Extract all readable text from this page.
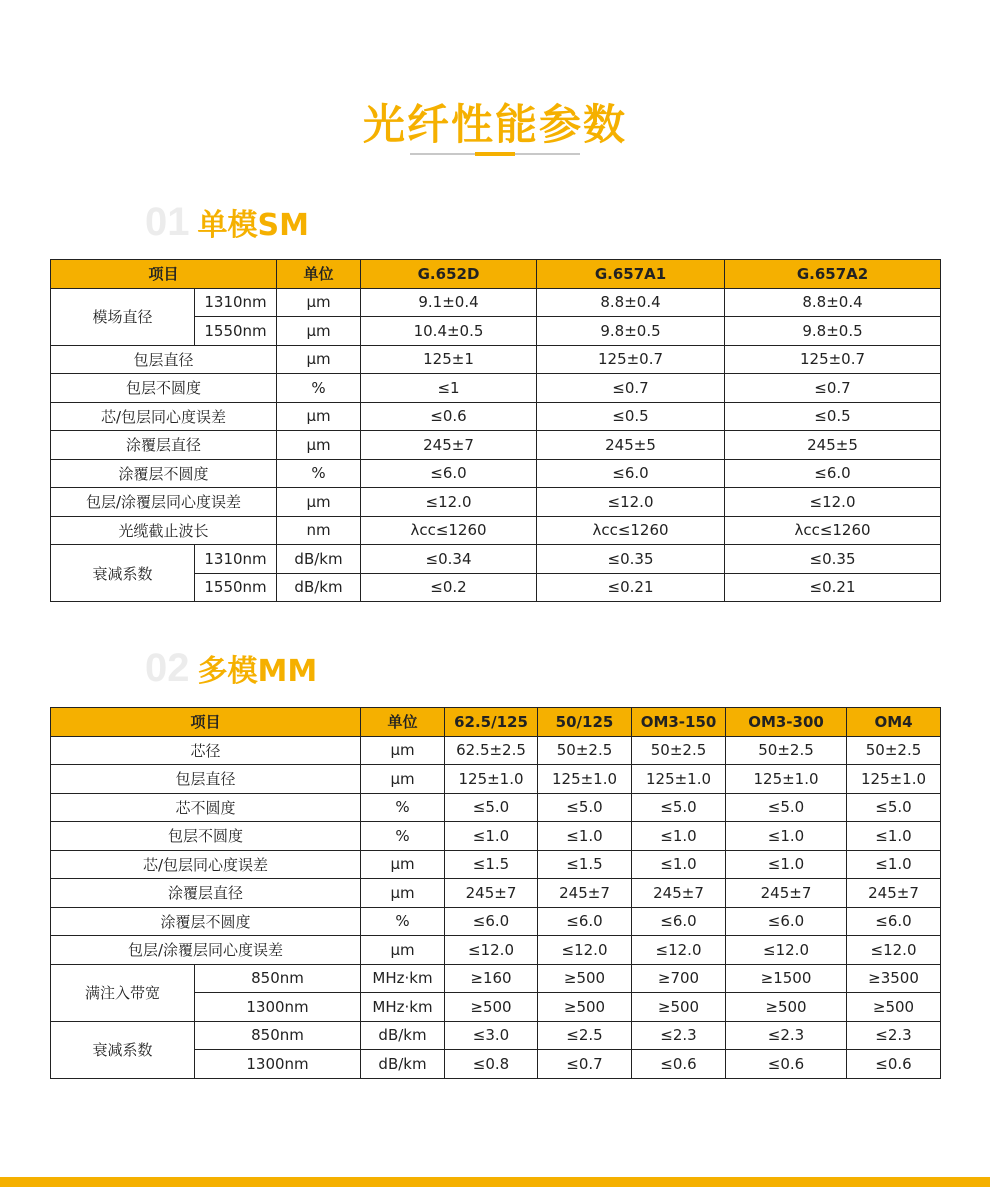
光纤性能参数
01 单模SM
项目		单位	G.652D	G.657A1	G.657A2
模场直径	1310nm	μm	9.1±0.4	8.8±0.4	8.8±0.4
	1550nm	μm	10.4±0.5	9.8±0.5	9.8±0.5
包层直径		μm	125±1	125±0.7	125±0.7
包层不圆度		%	≤1	≤0.7	≤0.7
芯/包层同心度误差		μm	≤0.6	≤0.5	≤0.5
涂覆层直径		μm	245±7	245±5	245±5
涂覆层不圆度		%	≤6.0	≤6.0	≤6.0
包层/涂覆层同心度误差		μm	≤12.0	≤12.0	≤12.0
光缆截止波长		nm	λcc≤1260	λcc≤1260	λcc≤1260
衰减系数	1310nm	dB/km	≤0.34	≤0.35	≤0.35
	1550nm	dB/km	≤0.2	≤0.21	≤0.21
02 多模MM
项目		单位	62.5/125	50/125	OM3-150	OM3-300	OM4
芯径		μm	62.5±2.5	50±2.5	50±2.5	50±2.5	50±2.5
包层直径		μm	125±1.0	125±1.0	125±1.0	125±1.0	125±1.0
芯不圆度		%	≤5.0	≤5.0	≤5.0	≤5.0	≤5.0
包层不圆度		%	≤1.0	≤1.0	≤1.0	≤1.0	≤1.0
芯/包层同心度误差		μm	≤1.5	≤1.5	≤1.0	≤1.0	≤1.0
涂覆层直径		μm	245±7	245±7	245±7	245±7	245±7
涂覆层不圆度		%	≤6.0	≤6.0	≤6.0	≤6.0	≤6.0
包层/涂覆层同心度误差		μm	≤12.0	≤12.0	≤12.0	≤12.0	≤12.0
满注入带宽	850nm	MHz·km	≥160	≥500	≥700	≥1500	≥3500
	1300nm	MHz·km	≥500	≥500	≥500	≥500	≥500
衰减系数	850nm	dB/km	≤3.0	≤2.5	≤2.3	≤2.3	≤2.3
	1300nm	dB/km	≤0.8	≤0.7	≤0.6	≤0.6	≤0.6
